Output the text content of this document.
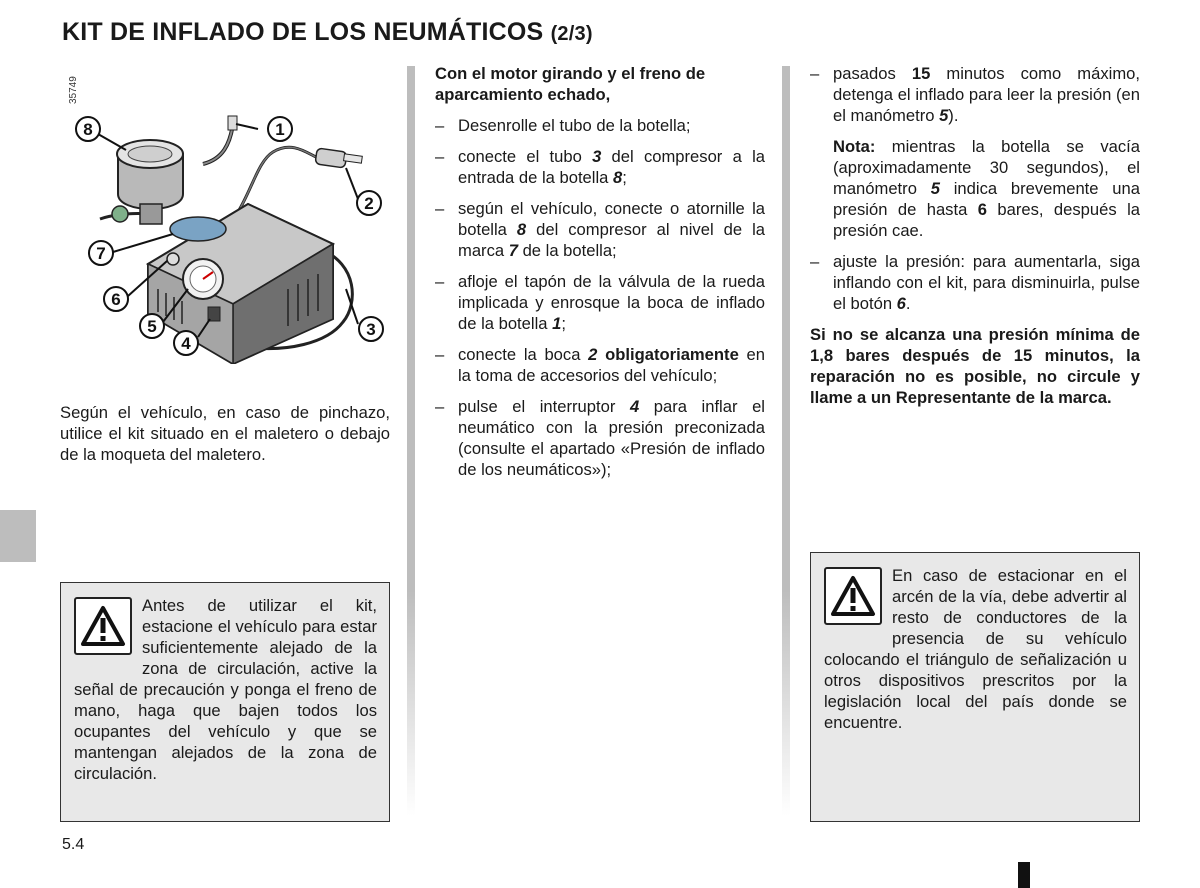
KIT DE INFLADO DE LOS NEUMÁTICOS (2/3)
35749
1
2
3
4
5
6
7
8
Según el vehículo, en caso de pinchazo, utilice el kit situado en el maletero o debajo de la moqueta del maletero.
Antes de utilizar el kit, estacione el vehículo para estar suficientemente alejado de la zona de circulación, active la señal de precaución y ponga el freno de mano, haga que bajen todos los ocupantes del vehículo y que se mantengan alejados de la zona de circulación.

Con el motor girando y el freno de aparcamiento echado,

– Desenrolle el tubo de la botella;
– conecte el tubo 3 del compresor a la entrada de la botella 8;
– según el vehículo, conecte o atornille la botella 8 del compresor al nivel de la marca 7 de la botella;
– afloje el tapón de la válvula de la rueda implicada y enrosque la boca de inflado de la botella 1;
– conecte la boca 2 obligatoriamente en la toma de accesorios del vehículo;
– pulse el interruptor 4 para inflar el neumático con la presión preconizada (consulte el apartado «Presión de inflado de los neumáticos»);
– pasados 15 minutos como máximo, detenga el inflado para leer la presión (en el manómetro 5).

Nota: mientras la botella se vacía (aproximadamente 30 segundos), el manómetro 5 indica brevemente una presión de hasta 6 bares, después la presión cae.

– ajuste la presión: para aumentarla, siga inflando con el kit, para disminuirla, pulse el botón 6.

Si no se alcanza una presión mínima de 1,8 bares después de 15 minutos, la reparación no es posible, no circule y llame a un Representante de la marca.

En caso de estacionar en el arcén de la vía, debe advertir al resto de conductores de la presencia de su vehículo colocando el triángulo de señalización u otros dispositivos prescritos por la legislación local del país donde se encuentre.
5.4
